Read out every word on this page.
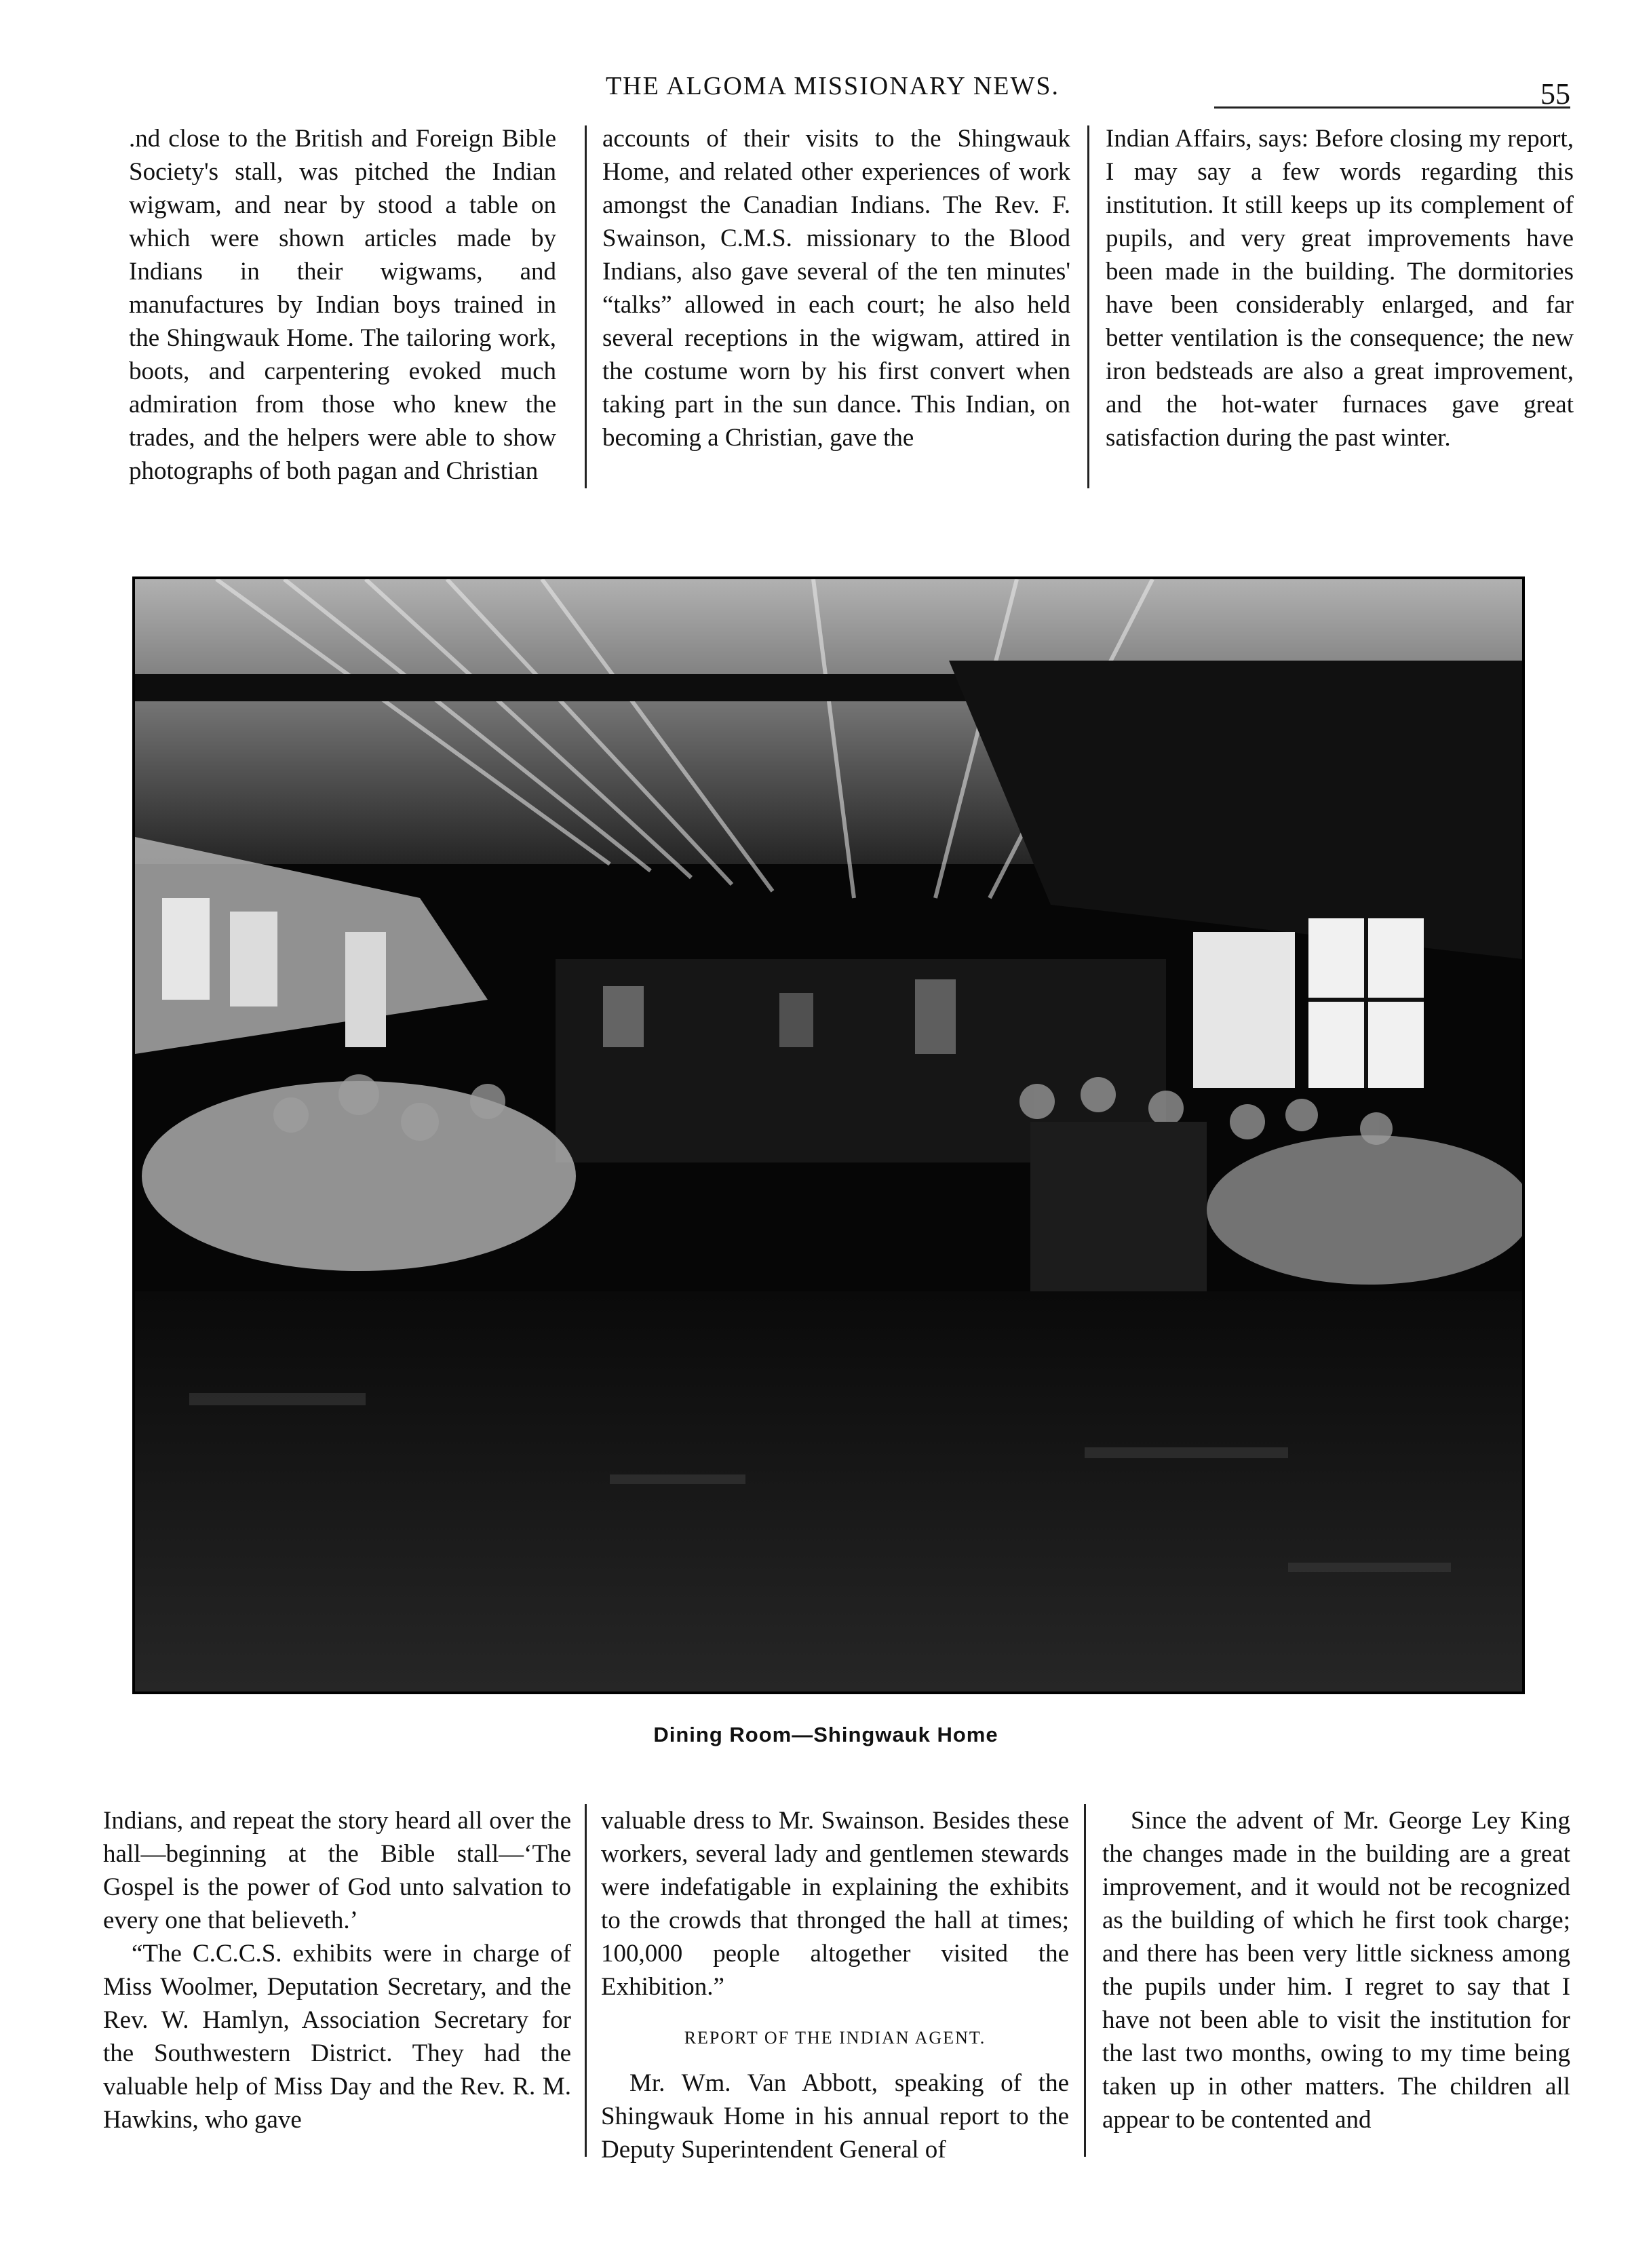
THE ALGOMA MISSIONARY NEWS.	55

.nd close to the British and Foreign Bible Society's stall, was pitched the Indian wigwam, and near by stood a table on which were shown articles made by Indians in their wigwams, and manufactures by Indian boys trained in the Shingwauk Home. The tailoring work, boots, and carpentering evoked much admiration from those who knew the trades, and the helpers were able to show photographs of both pagan and Christian

accounts of their visits to the Shingwauk Home, and related other experiences of work amongst the Canadian Indians. The Rev. F. Swainson, C.M.S. missionary to the Blood Indians, also gave several of the ten minutes' “talks” allowed in each court; he also held several receptions in the wigwam, attired in the costume worn by his first convert when taking part in the sun dance. This Indian, on becoming a Christian, gave the

Indian Affairs, says: Before closing my report, I may say a few words regarding this institution. It still keeps up its complement of pupils, and very great improvements have been made in the building. The dormitories have been considerably enlarged, and far better ventilation is the consequence; the new iron bedsteads are also a great improvement, and the hot-water furnaces gave great satisfaction during the past winter.

Dining Room—Shingwauk Home

Indians, and repeat the story heard all over the hall—beginning at the Bible stall—‘The Gospel is the power of God unto salvation to every one that believeth.’

“The C.C.C.S. exhibits were in charge of Miss Woolmer, Deputation Secretary, and the Rev. W. Hamlyn, Association Secretary for the Southwestern District. They had the valuable help of Miss Day and the Rev. R. M. Hawkins, who gave

valuable dress to Mr. Swainson. Besides these workers, several lady and gentlemen stewards were indefatigable in explaining the exhibits to the crowds that thronged the hall at times; 100,000 people altogether visited the Exhibition.”

REPORT OF THE INDIAN AGENT.

Mr. Wm. Van Abbott, speaking of the Shingwauk Home in his annual report to the Deputy Superintendent General of

Since the advent of Mr. George Ley King the changes made in the building are a great improvement, and it would not be recognized as the building of which he first took charge; and there has been very little sickness among the pupils under him. I regret to say that I have not been able to visit the institution for the last two months, owing to my time being taken up in other matters. The children all appear to be contented and
